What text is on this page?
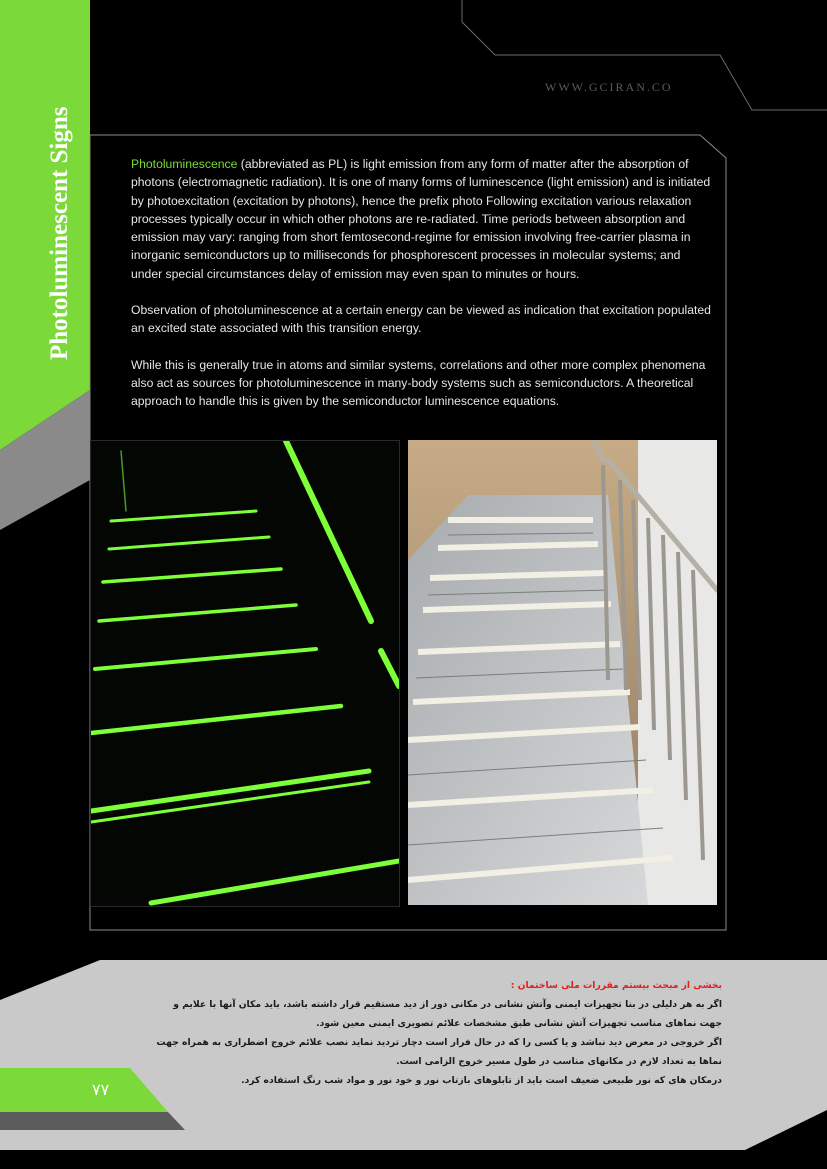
Photoluminescent Signs
WWW.GCIRAN.CO

Photoluminescence (abbreviated as PL) is light emission from any form of matter after the absorption of photons (electromagnetic radiation). It is one of many forms of luminescence (light emission) and is initiated by photoexcitation (excitation by photons), hence the prefix photo Following excitation various relaxation processes typically occur in which other photons are re-radiated. Time periods between absorption and emission may vary: ranging from short femtosecond-regime for emission involving free-carrier plasma in inorganic semiconductors up to milliseconds for phosphorescent processes in molecular systems; and under special circumstances delay of emission may even span to minutes or hours.

Observation of photoluminescence at a certain energy can be viewed as indication that excitation populated an excited state associated with this transition energy.

While this is generally true in atoms and similar systems, correlations and other more complex phenomena also act as sources for photoluminescence in many-body systems such as semiconductors. A theoretical approach to handle this is given by the semiconductor luminescence equations.

بخشی از مبحث بیستم مقررات ملی ساختمان :

اگر به هر دلیلی در بنا تجهیزات ایمنی وآتش نشانی در مکانی دور از دید مستقیم قرار داشته باشد، باید مکان آنها با علایم و جهت نماهای مناسب تجهیزات آتش نشانی طبق مشخصات علائم تصویری ایمنی معین شود.

اگر خروجی در معرض دید نباشد و یا کسی را که در حال فرار است دچار تردید نماید نصب علائم خروج اضطراری به همراه جهت نماها به تعداد لازم در مکانهای مناسب در طول مسیر خروج الزامی است.

درمکان های که نور طبیعی ضعیف است باید از تابلوهای بازتاب نور و خود نور و مواد شب رنگ استفاده کرد.

۷۷
